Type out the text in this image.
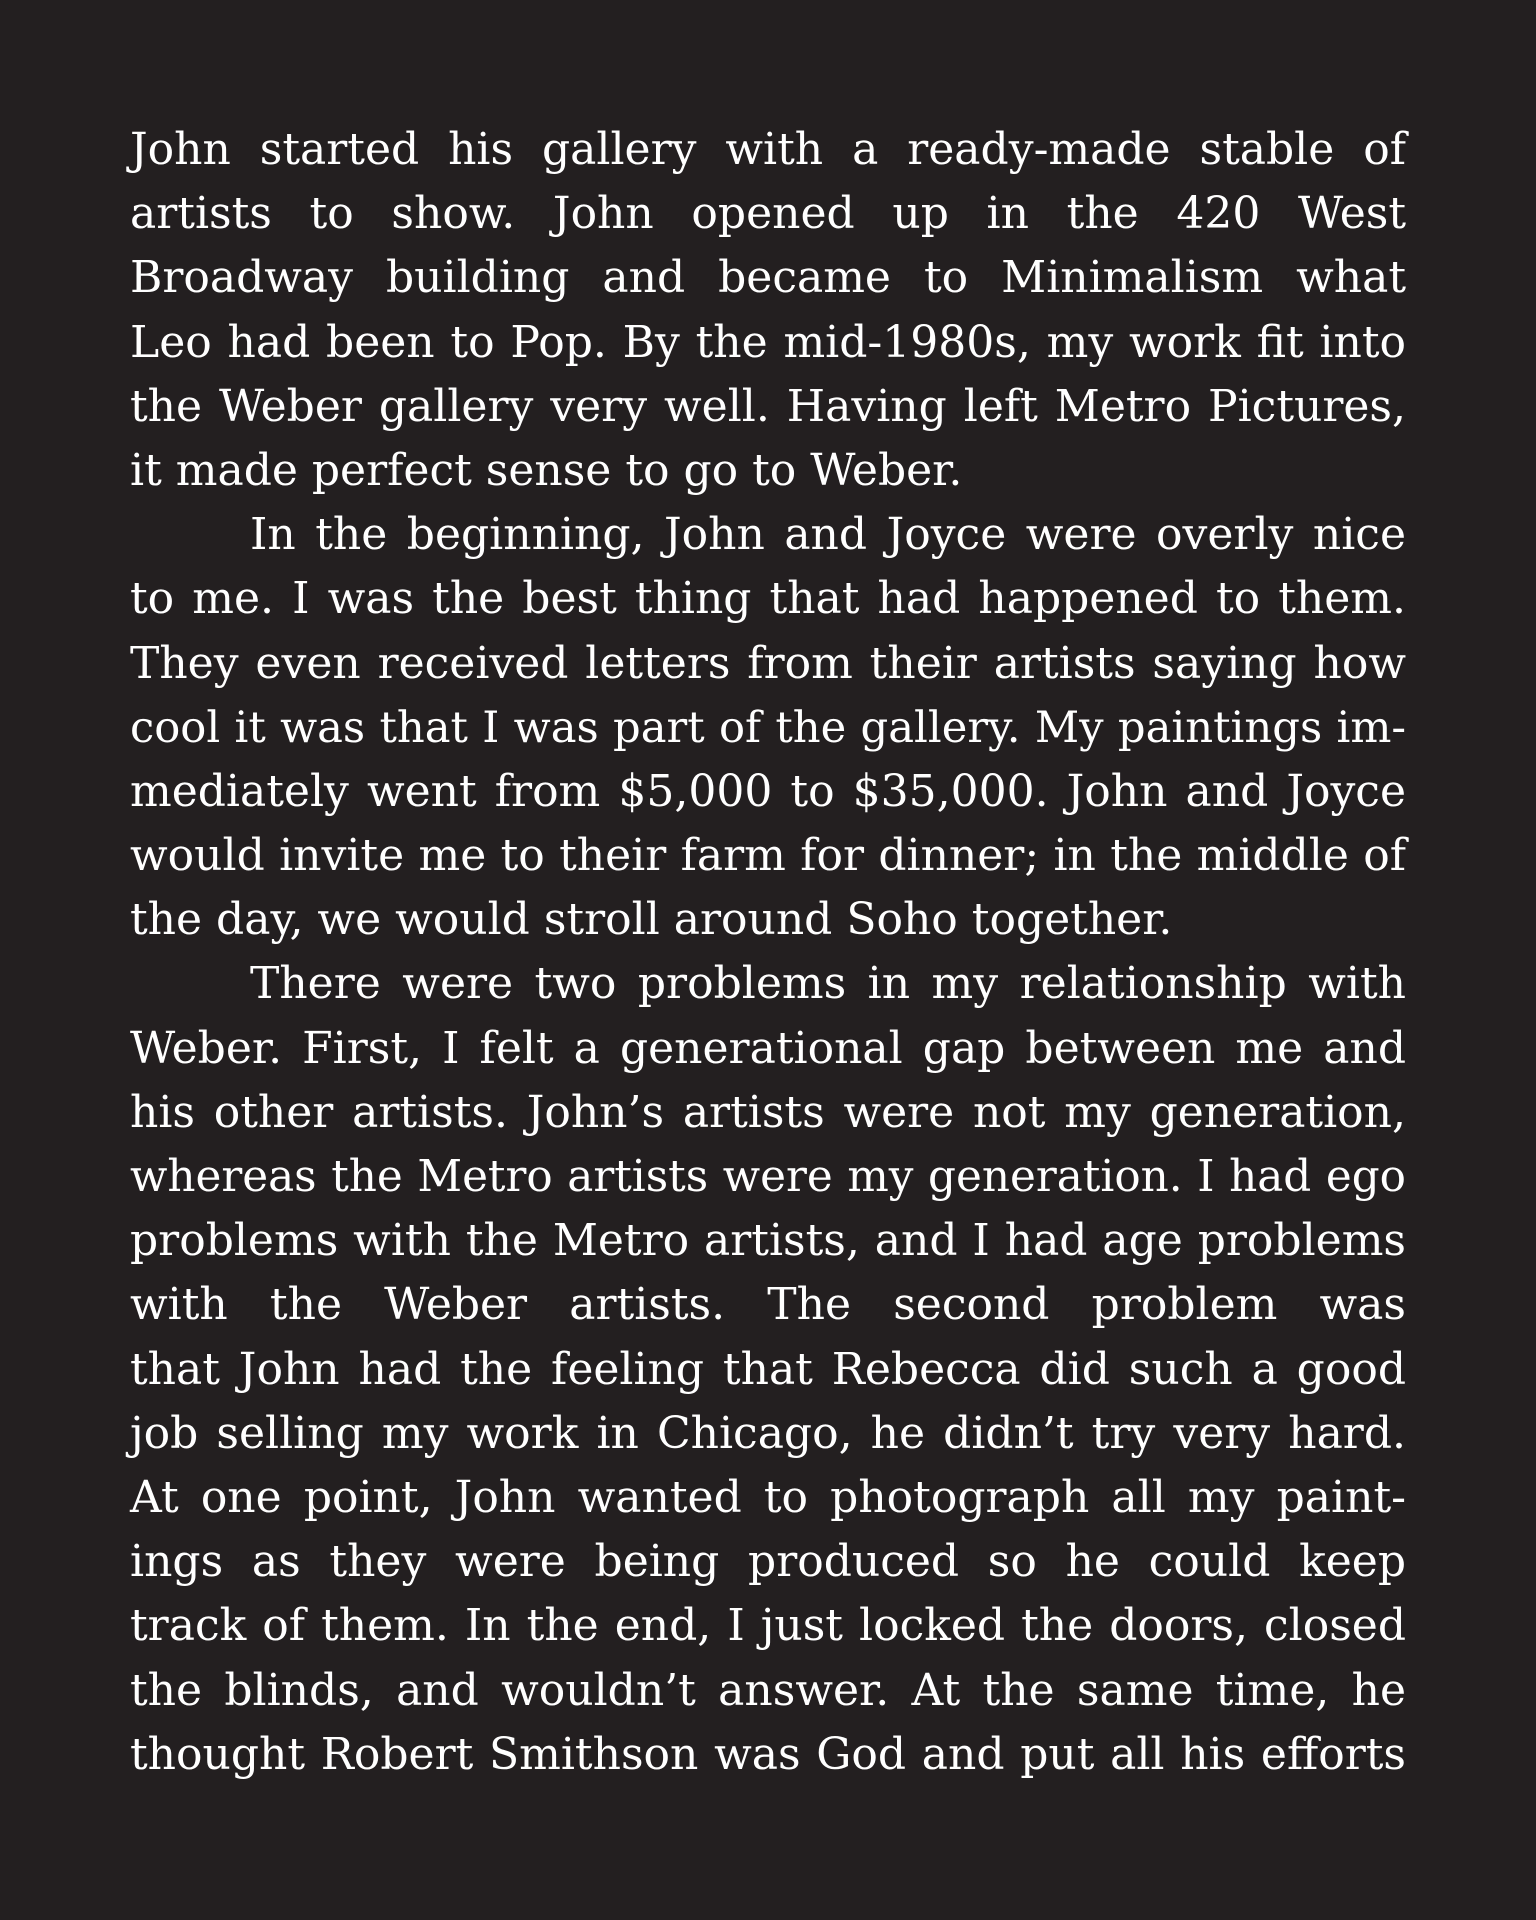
John started his gallery with a ready-made stable of
artists to show. John opened up in the 420 West
Broadway building and became to Minimalism what
Leo had been to Pop. By the mid-1980s, my work fit into
the Weber gallery very well. Having left Metro Pictures,
it made perfect sense to go to Weber.

In the beginning, John and Joyce were overly nice
to me. I was the best thing that had happened to them.
They even received letters from their artists saying how
cool it was that I was part of the gallery. My paintings im-
mediately went from $5,000 to $35,000. John and Joyce
would invite me to their farm for dinner; in the middle of
the day, we would stroll around Soho together.

There were two problems in my relationship with
Weber. First, I felt a generational gap between me and
his other artists. John’s artists were not my generation,
whereas the Metro artists were my generation. I had ego
problems with the Metro artists, and I had age problems
with the Weber artists. The second problem was
that John had the feeling that Rebecca did such a good
job selling my work in Chicago, he didn’t try very hard.
At one point, John wanted to photograph all my paint-
ings as they were being produced so he could keep
track of them. In the end, I just locked the doors, closed
the blinds, and wouldn’t answer. At the same time, he
thought Robert Smithson was God and put all his efforts
